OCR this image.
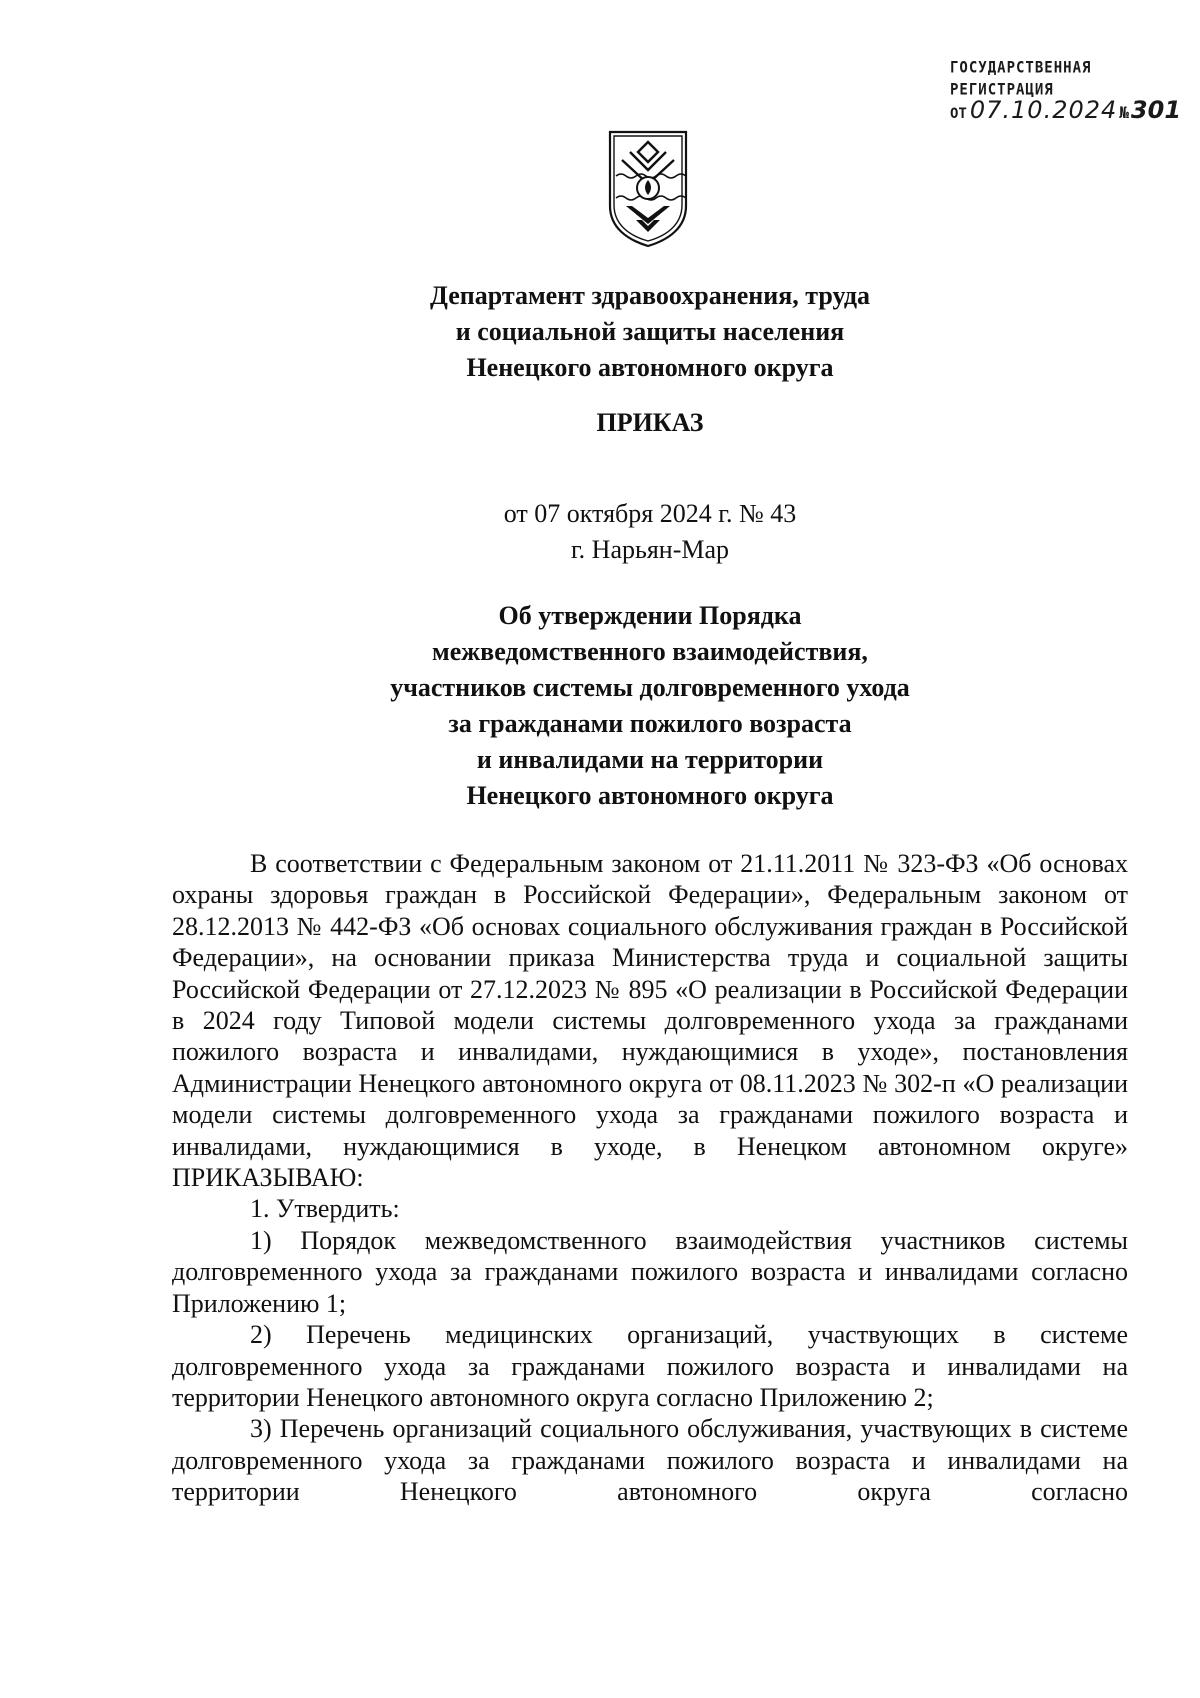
ГОСУДАРСТВЕННАЯ
РЕГИСТРАЦИЯ
ОТ 07.10.2024 № 301
Департамент здравоохранения, труда
и социальной защиты населения
Ненецкого автономного округа
ПРИКАЗ
от 07 октября 2024 г. № 43
г. Нарьян-Мар
Об утверждении Порядка
межведомственного взаимодействия,
участников системы долговременного ухода
за гражданами пожилого возраста
и инвалидами на территории
Ненецкого автономного округа

В соответствии с Федеральным законом от 21.11.2011 № 323-ФЗ «Об основах охраны здоровья граждан в Российской Федерации», Федеральным законом от 28.12.2013 № 442-ФЗ «Об основах социального обслуживания граждан в Российской Федерации», на основании приказа Министерства труда и социальной защиты Российской Федерации от 27.12.2023 № 895 «О реализации в Российской Федерации в 2024 году Типовой модели системы долговременного ухода за гражданами пожилого возраста и инвалидами, нуждающимися в уходе», постановления Администрации Ненецкого автономного округа от 08.11.2023 № 302-п «О реализации модели системы долговременного ухода за гражданами пожилого возраста и инвалидами, нуждающимися в уходе, в Ненецком автономном округе» ПРИКАЗЫВАЮ:

1. Утвердить:

1) Порядок межведомственного взаимодействия участников системы долговременного ухода за гражданами пожилого возраста и инвалидами согласно Приложению 1;

2) Перечень медицинских организаций, участвующих в системе долговременного ухода за гражданами пожилого возраста и инвалидами на территории Ненецкого автономного округа согласно Приложению 2;

3) Перечень организаций социального обслуживания, участвующих в системе долговременного ухода за гражданами пожилого возраста и инвалидами на территории Ненецкого автономного округа согласно
